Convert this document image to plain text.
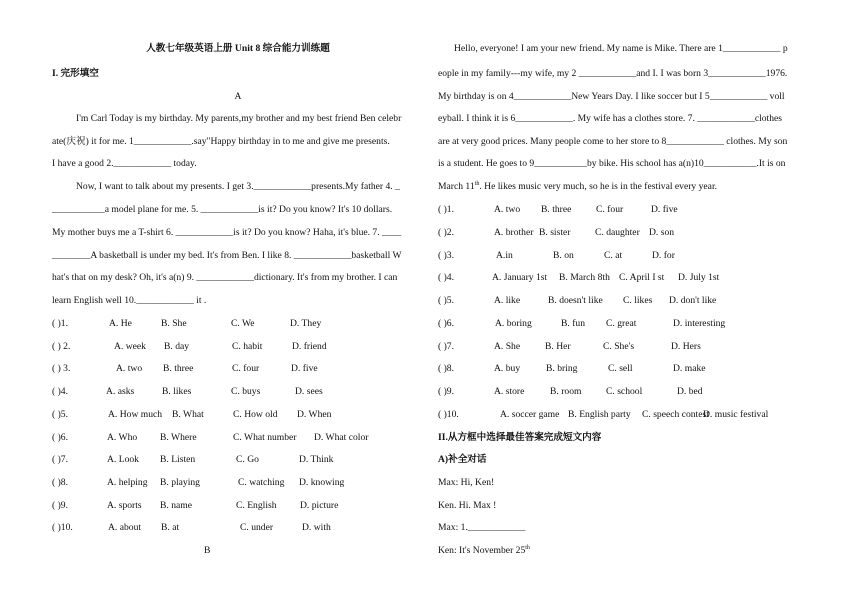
人教七年级英语上册 Unit 8 综合能力训练题
I. 完形填空
A
I'm Carl Today is my birthday. My parents,my brother and my best friend Ben celebr
ate(庆祝) it for me. 1____________.say"Happy birthday in to me and give me presents.
I have a good 2.____________ today.
Now, I want to talk about my presents. I get 3.____________presents.My father 4. _
___________a model plane for me. 5. ____________is it? Do you know? It's 10 dollars.
My mother buys me a T-shirt 6. ____________is it? Do you know? Haha, it's blue. 7. ____
________A basketball is under my bed. It's from Ben. I like 8. ____________basketball W
hat's that on my desk? Oh, it's a(n) 9. ____________dictionary. It's from my brother. I can
learn English well 10.____________ it .
( )1.	A. He	B. She	C. We	D. They
( ) 2.	A. week B. day	C. habit	D. friend
( ) 3.	A. two B. three	C. four	D. five
( )4.	A. asks	B. likes	C. buys	D. sees
( )5.	A. How much B. What	C. How old D. When
( )6.	A. Who B. Where	C. What number D. What color
( )7.	A. Look B. Listen	C. Go	D. Think
( )8.	A. helping B. playing	C. watching D. knowing
( )9.	A. sports B. name	C. English D. picture
( )10.	A. about B. at	C. under	D. with
B
Hello, everyone! I am your new friend. My name is Mike. There are 1____________ p
eople in my family---my wife, my 2 ____________and I. I was born 3____________1976.
My birthday is on 4____________New Years Day. I like soccer but I 5____________ voll
eyball. I think it is 6____________. My wife has a clothes store. 7. ____________clothes
are at very good prices. Many people come to her store to 8____________ clothes. My son
is a student. He goes to 9___________by bike. His school has a(n)10___________.It is on
March 11th. He likes music very much, so he is in the festival every year.
( )1.	A. two B. three	C. four	D. five
( )2.	A. brother B. sister	C. daughter D. son
( )3.	A.in	B. on	C. at	D. for
( )4.	A. January 1st B. March 8th C. April I st D. July 1st
( )5.	A. like	B. doesn't like C. likes D. don't like
( )6.	A. boring	B. fun C. great	D. interesting
( )7.	A. She	B. Her	C. She's	D. Hers
( )8.	A. buy	B. bring	C. sell	D. make
( )9.	A. store	B. room	C. school	D. bed
( )10.	A. soccer game B. English party C. speech contest
D. music festival
II.从方框中选择最佳答案完成短文内容
A)补全对话
Max: Hi, Ken!
Ken. Hi. Max !
Max: 1.____________
Ken: It's November 25th
